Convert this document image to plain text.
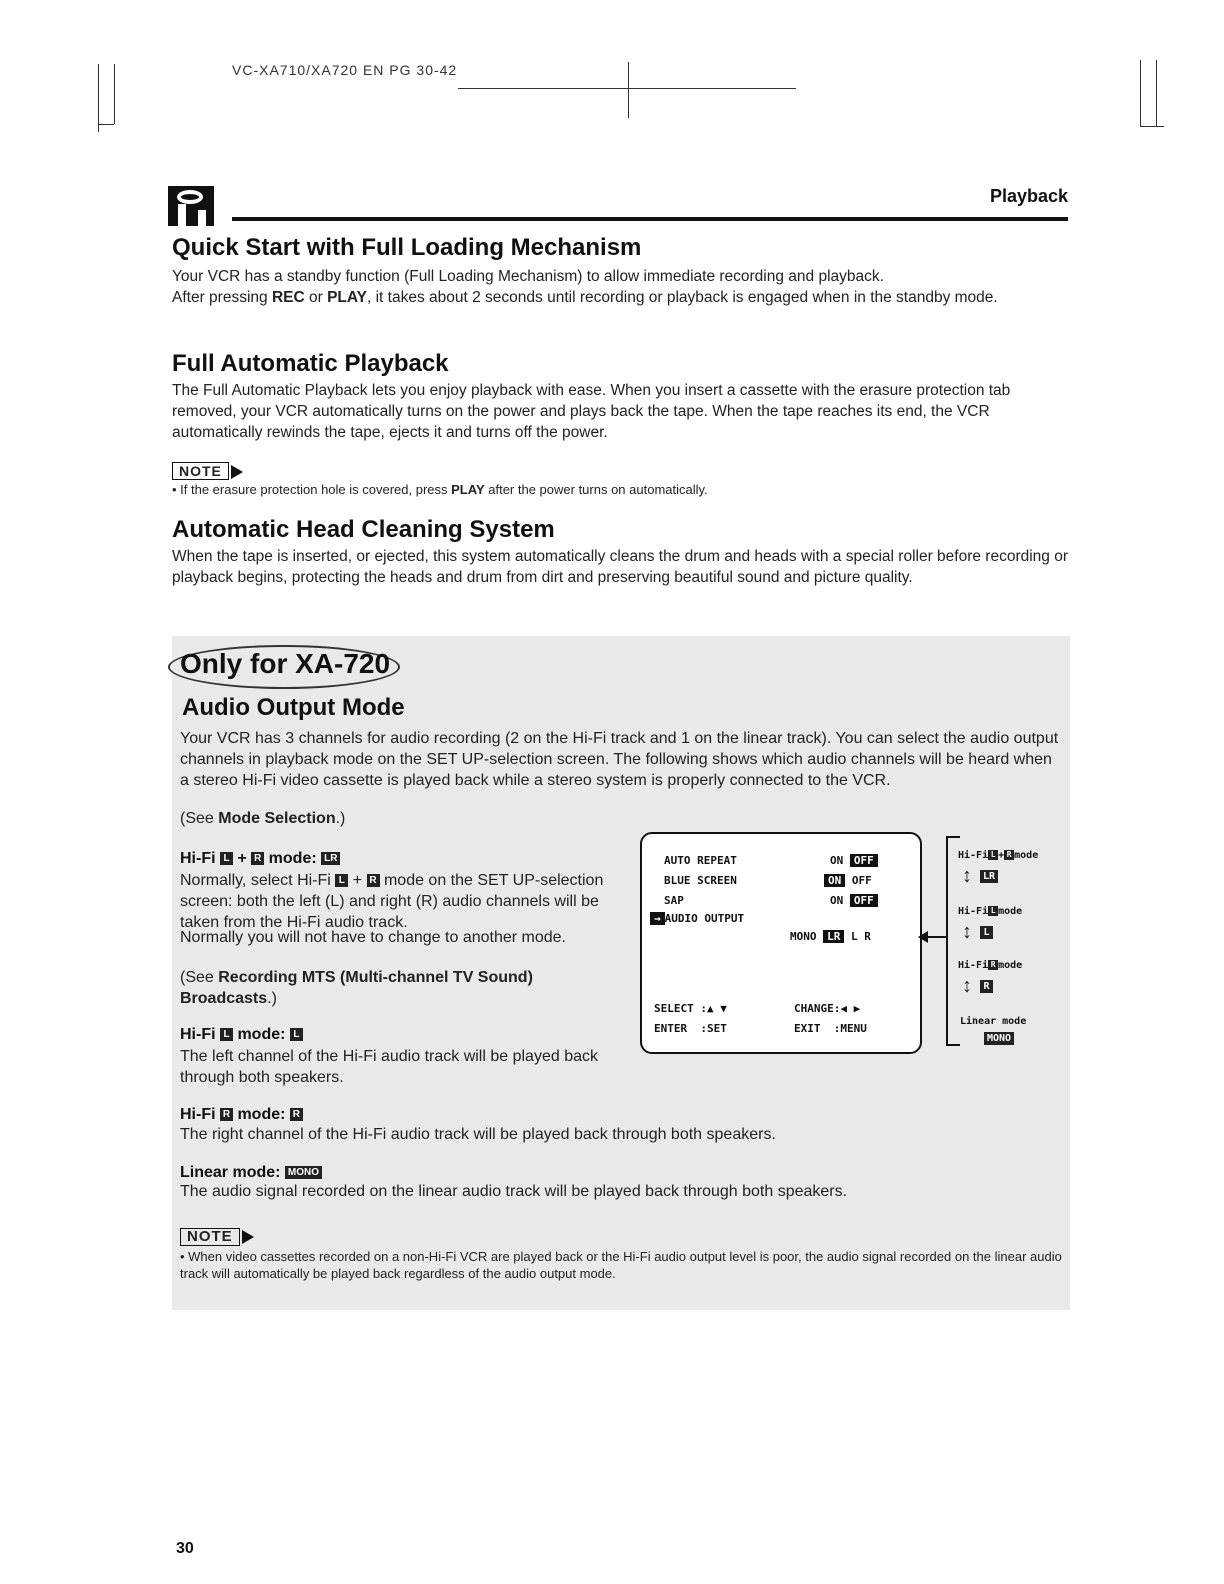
VC-XA710/XA720 EN PG 30-42
Playback
Quick Start with Full Loading Mechanism
Your VCR has a standby function (Full Loading Mechanism) to allow immediate recording and playback.
After pressing REC or PLAY, it takes about 2 seconds until recording or playback is engaged when in the standby mode.
Full Automatic Playback

The Full Automatic Playback lets you enjoy playback with ease. When you insert a cassette with the erasure protection tab removed, your VCR automatically turns on the power and plays back the tape. When the tape reaches its end, the VCR automatically rewinds the tape, ejects it and turns off the power.

NOTE
• If the erasure protection hole is covered, press PLAY after the power turns on automatically.
Automatic Head Cleaning System

When the tape is inserted, or ejected, this system automatically cleans the drum and heads with a special roller before recording or playback begins, protecting the heads and drum from dirt and preserving beautiful sound and picture quality.

Only for XA-720
Audio Output Mode

Your VCR has 3 channels for audio recording (2 on the Hi-Fi track and 1 on the linear track). You can select the audio output channels in playback mode on the SET UP-selection screen. The following shows which audio channels will be heard when a stereo Hi-Fi video cassette is played back while a stereo system is properly connected to the VCR.

(See Mode Selection.)
Hi-Fi L + R mode: LR
Normally, select Hi-Fi L + R mode on the SET UP-selection screen: both the left (L) and right (R) audio channels will be taken from the Hi-Fi audio track.

Normally you will not have to change to another mode.

(See Recording MTS (Multi-channel TV Sound) Broadcasts.)
Hi-Fi L mode: L

The left channel of the Hi-Fi audio track will be played back through both speakers.

Hi-Fi R mode: R

The right channel of the Hi-Fi audio track will be played back through both speakers.

Linear mode: MONO

The audio signal recorded on the linear audio track will be played back through both speakers.

NOTE

• When video cassettes recorded on a non-Hi-Fi VCR are played back or the Hi-Fi audio output level is poor, the audio signal recorded on the linear audio track will automatically be played back regardless of the audio output mode.

AUTO REPEAT	ON OFF
BLUE SCREEN	ON OFF
SAP	ON OFF
→ AUDIO OUTPUT
MONO LR L R
SELECT :▲ ▼	CHANGE:◀ ▶
ENTER  :SET	EXIT  :MENU
Hi-Fi L + R mode
LR
↕
Hi-Fi L mode
L
↕
Hi-Fi R mode
R
↕
Linear mode
MONO
30
